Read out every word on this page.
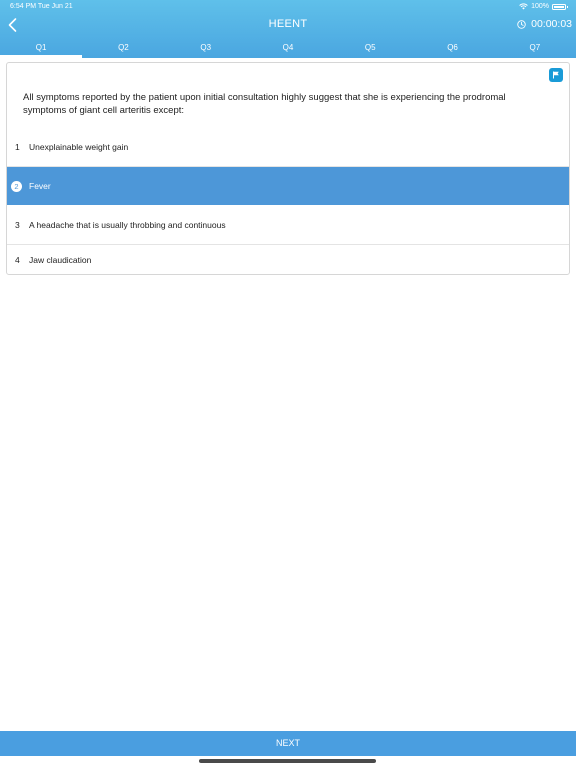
6:54 PM Tue Jun 21	100%
HEENT	00:00:03
Q1	Q2	Q3	Q4	Q5	Q6	Q7
All symptoms reported by the patient upon initial consultation highly suggest that she is experiencing the prodromal symptoms of giant cell arteritis except:
1	Unexplainable weight gain
2	Fever
3	A headache that is usually throbbing and continuous
4	Jaw claudication
NEXT
